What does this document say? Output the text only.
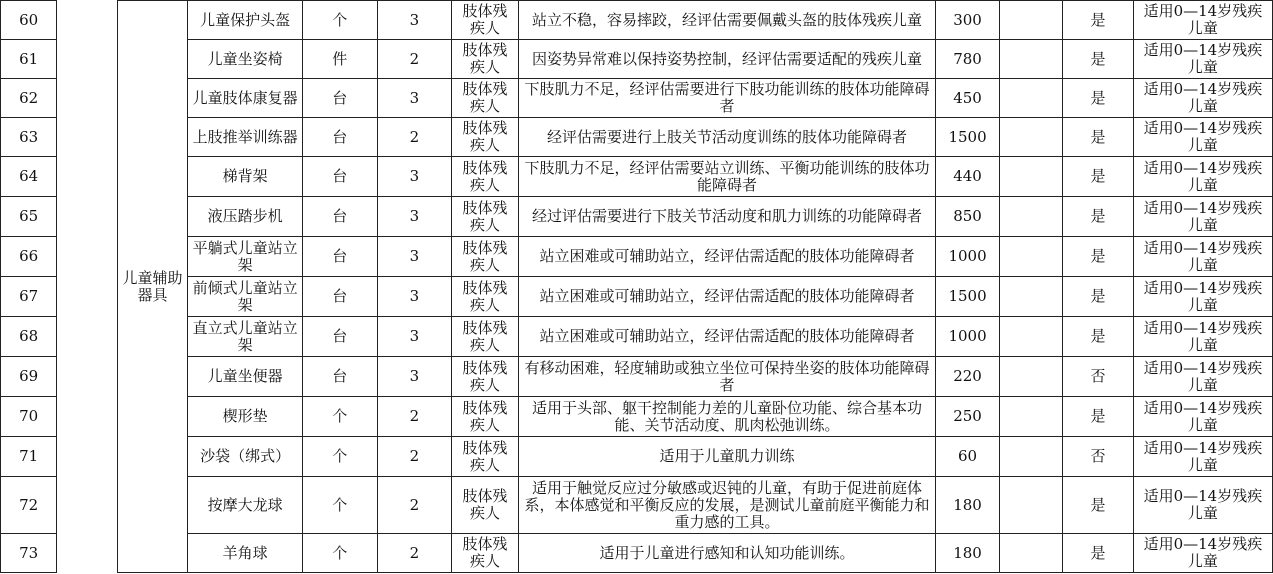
60		儿童辅助器具	儿童保护头盔	个	3	肢体残疾人	站立不稳，容易摔跤，经评估需要佩戴头盔的肢体残疾儿童	300		是	适用0—14岁残疾儿童
61			儿童坐姿椅	件	2	肢体残疾人	因姿势异常难以保持姿势控制，经评估需要适配的残疾儿童	780		是	适用0—14岁残疾儿童
62			儿童肢体康复器	台	3	肢体残疾人	下肢肌力不足，经评估需要进行下肢功能训练的肢体功能障碍者	450		是	适用0—14岁残疾儿童
63			上肢推举训练器	台	2	肢体残疾人	经评估需要进行上肢关节活动度训练的肢体功能障碍者	1500		是	适用0—14岁残疾儿童
64			梯背架	台	3	肢体残疾人	下肢肌力不足，经评估需要站立训练、平衡功能训练的肢体功能障碍者	440		是	适用0—14岁残疾儿童
65			液压踏步机	台	3	肢体残疾人	经过评估需要进行下肢关节活动度和肌力训练的功能障碍者	850		是	适用0—14岁残疾儿童
66			平躺式儿童站立架	台	3	肢体残疾人	站立困难或可辅助站立，经评估需适配的肢体功能障碍者	1000		是	适用0—14岁残疾儿童
67			前倾式儿童站立架	台	3	肢体残疾人	站立困难或可辅助站立，经评估需适配的肢体功能障碍者	1500		是	适用0—14岁残疾儿童
68			直立式儿童站立架	台	3	肢体残疾人	站立困难或可辅助站立，经评估需适配的肢体功能障碍者	1000		是	适用0—14岁残疾儿童
69			儿童坐便器	台	3	肢体残疾人	有移动困难，轻度辅助或独立坐位可保持坐姿的肢体功能障碍者	220		否	适用0—14岁残疾儿童
70			楔形垫	个	2	肢体残疾人	适用于头部、躯干控制能力差的儿童卧位功能、综合基本功能、关节活动度、肌肉松弛训练。	250		是	适用0—14岁残疾儿童
71			沙袋（绑式）	个	2	肢体残疾人	适用于儿童肌力训练	60		否	适用0—14岁残疾儿童
72			按摩大龙球	个	2	肢体残疾人	适用于触觉反应过分敏感或迟钝的儿童，有助于促进前庭体系，本体感觉和平衡反应的发展，是测试儿童前庭平衡能力和重力感的工具。	180		是	适用0—14岁残疾儿童
73			羊角球	个	2	肢体残疾人	适用于儿童进行感知和认知功能训练。	180		是	适用0—14岁残疾儿童
